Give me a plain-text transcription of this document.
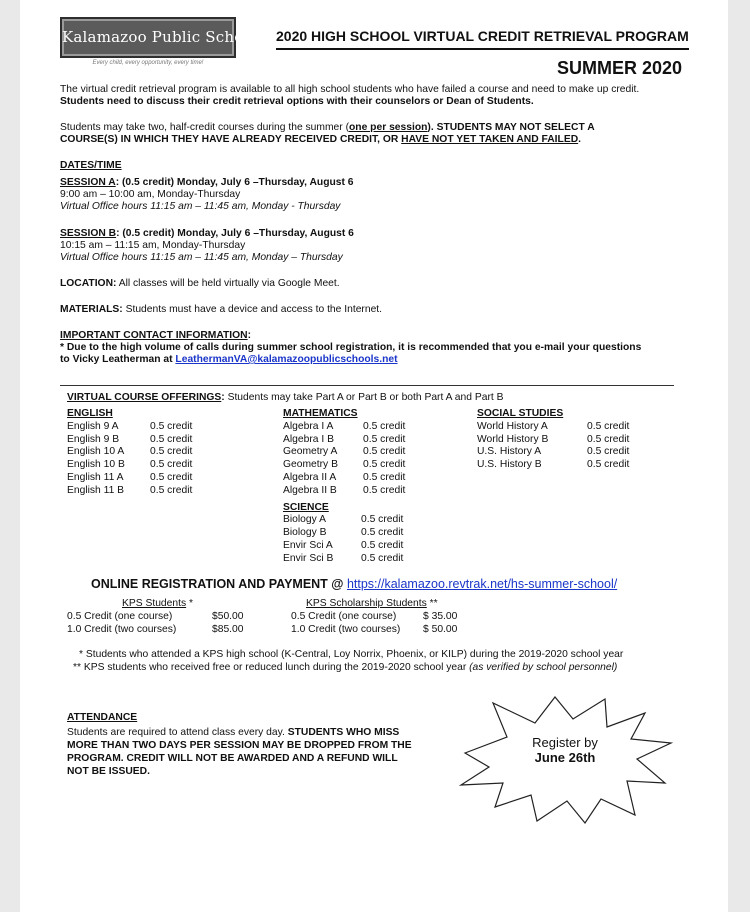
Kalamazoo Public Schools
Every child, every opportunity, every time!
2020 HIGH SCHOOL VIRTUAL CREDIT RETRIEVAL PROGRAM
SUMMER 2020
The virtual credit retrieval program is available to all high school students who have failed a course and need to make up credit.
Students need to discuss their credit retrieval options with their counselors or Dean of Students.
Students may take two, half-credit courses during the summer (one per session). STUDENTS MAY NOT SELECT A
COURSE(S) IN WHICH THEY HAVE ALREADY RECEIVED CREDIT, OR HAVE NOT YET TAKEN AND FAILED.
DATES/TIME
SESSION A: (0.5 credit) Monday, July 6 –Thursday, August 6
9:00 am – 10:00 am, Monday-Thursday
Virtual Office hours 11:15 am – 11:45 am, Monday - Thursday
SESSION B: (0.5 credit) Monday, July 6 –Thursday, August 6
10:15 am – 11:15 am, Monday-Thursday
Virtual Office hours 11:15 am – 11:45 am, Monday – Thursday
LOCATION: All classes will be held virtually via Google Meet.
MATERIALS: Students must have a device and access to the Internet.
IMPORTANT CONTACT INFORMATION:
* Due to the high volume of calls during summer school registration, it is recommended that you e-mail your questions
to Vicky Leatherman at LeathermanVA@kalamazoopublicschools.net
VIRTUAL COURSE OFFERINGS: Students may take Part A or Part B or both Part A and Part B
ENGLISH
English 9 A	0.5 credit
English 9 B	0.5 credit
English 10 A	0.5 credit
English 10 B	0.5 credit
English 11 A	0.5 credit
English 11 B	0.5 credit
MATHEMATICS
Algebra I A	0.5 credit
Algebra I B	0.5 credit
Geometry A	0.5 credit
Geometry B	0.5 credit
Algebra II A	0.5 credit
Algebra II B	0.5 credit
SCIENCE
Biology A	0.5 credit
Biology B	0.5 credit
Envir Sci A	0.5 credit
Envir Sci B	0.5 credit
SOCIAL STUDIES
World History A	0.5 credit
World History B	0.5 credit
U.S. History A	0.5 credit
U.S. History B	0.5 credit
ONLINE REGISTRATION AND PAYMENT @ https://kalamazoo.revtrak.net/hs-summer-school/
KPS Students *
0.5 Credit (one course)	$50.00
1.0 Credit (two courses)	$85.00
KPS Scholarship Students **
0.5 Credit (one course)	$ 35.00
1.0 Credit (two courses)	$ 50.00
* Students who attended a KPS high school (K-Central, Loy Norrix, Phoenix, or KILP) during the 2019-2020 school year
** KPS students who received free or reduced lunch during the 2019-2020 school year (as verified by school personnel)
ATTENDANCE
Students are required to attend class every day. STUDENTS WHO MISS
MORE THAN TWO DAYS PER SESSION MAY BE DROPPED FROM THE
PROGRAM. CREDIT WILL NOT BE AWARDED AND A REFUND WILL
NOT BE ISSUED.
Register by
June 26th
